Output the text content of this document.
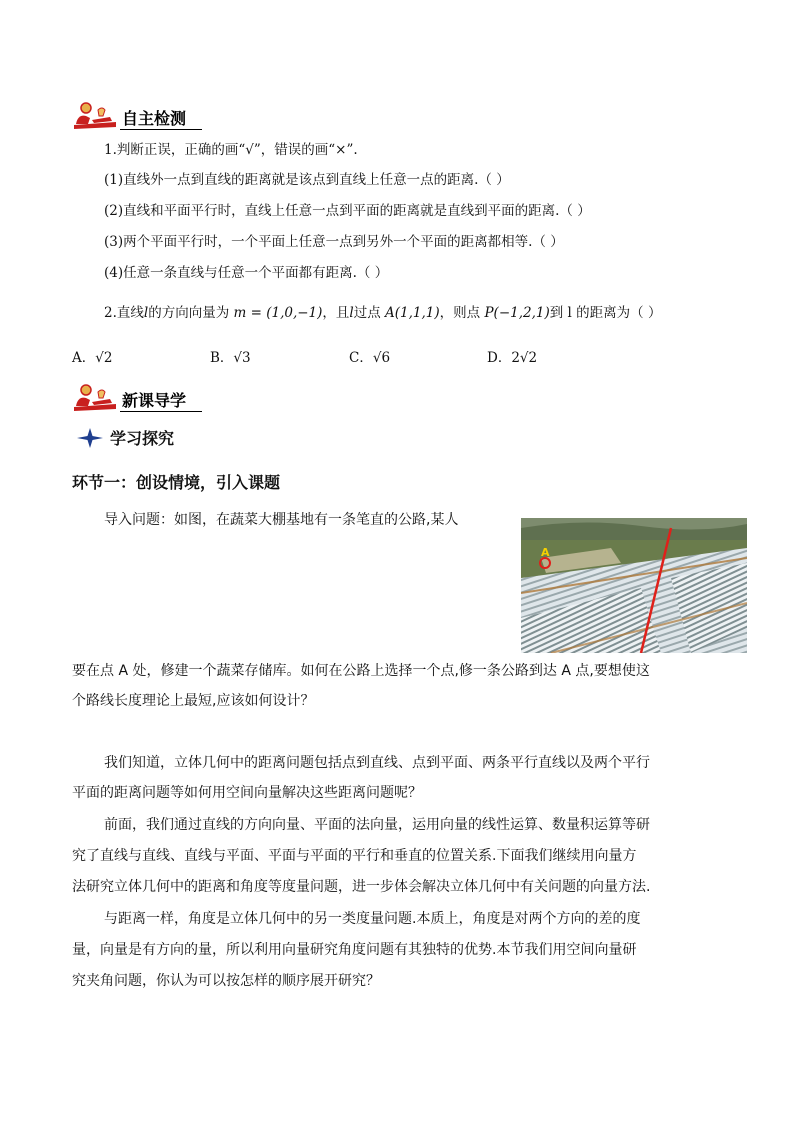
自主检测
1.判断正误，正确的画“√”，错误的画“×”.
(1)直线外一点到直线的距离就是该点到直线上任意一点的距离.（ ）
(2)直线和平面平行时，直线上任意一点到平面的距离就是直线到平面的距离.（ ）
(3)两个平面平行时，一个平面上任意一点到另外一个平面的距离都相等.（ ）
(4)任意一条直线与任意一个平面都有距离.（ ）
2.直线l的方向向量为 m = (1,0,−1)，且l过点 A(1,1,1)，则点 P(−1,2,1)到 l 的距离为（ ）
A．√2	B．√3	C．√6	D．2√2
新课导学
学习探究
环节一：创设情境，引入课题
导入问题：如图，在蔬菜大棚基地有一条笔直的公路,某人
A
要在点 A 处，修建一个蔬菜存储库。如何在公路上选择一个点,修一条公路到达 A 点,要想使这
个路线长度理论上最短,应该如何设计？
我们知道，立体几何中的距离问题包括点到直线、点到平面、两条平行直线以及两个平行
平面的距离问题等如何用空间向量解决这些距离问题呢？
前面，我们通过直线的方向向量、平面的法向量，运用向量的线性运算、数量积运算等研
究了直线与直线、直线与平面、平面与平面的平行和垂直的位置关系.下面我们继续用向量方
法研究立体几何中的距离和角度等度量问题，进一步体会解决立体几何中有关问题的向量方法.
与距离一样，角度是立体几何中的另一类度量问题.本质上，角度是对两个方向的差的度
量，向量是有方向的量，所以利用向量研究角度问题有其独特的优势.本节我们用空间向量研
究夹角问题，你认为可以按怎样的顺序展开研究？
